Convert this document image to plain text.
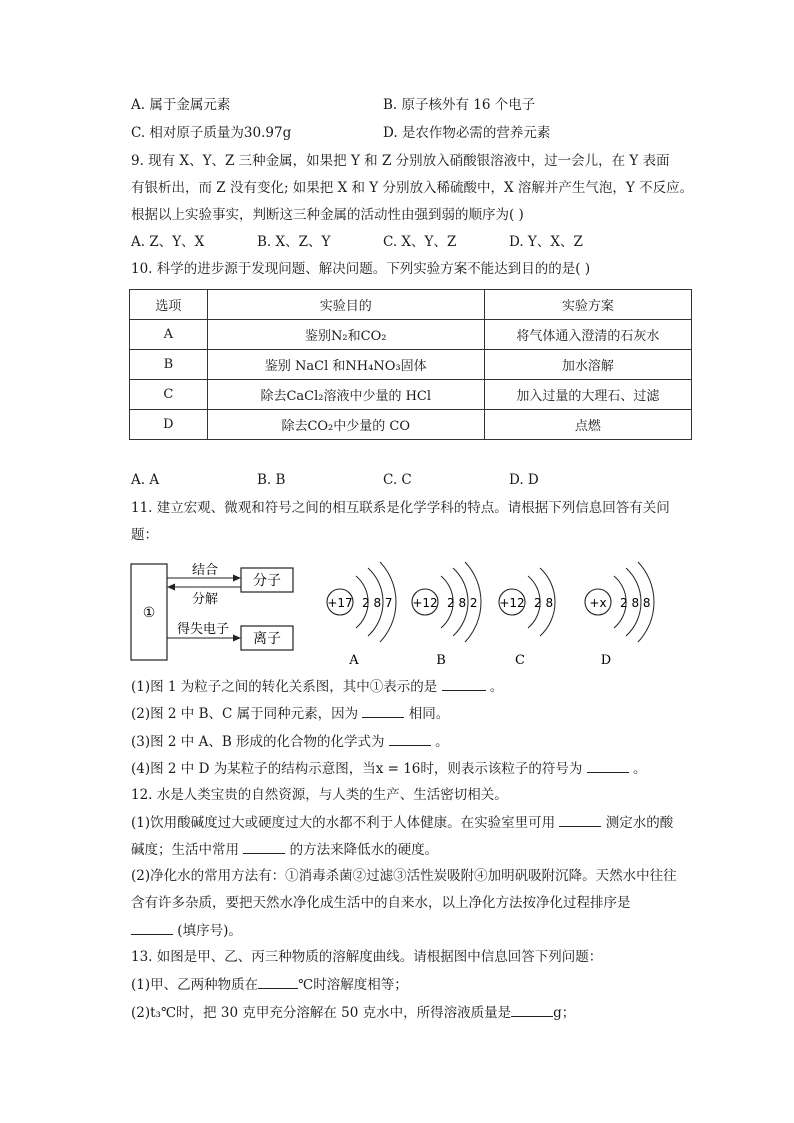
A. 属于金属元素	B. 原子核外有 16 个电子
C. 相对原子质量为30.97g	D. 是农作物必需的营养元素
9. 现有 X、Y、Z 三种金属，如果把 Y 和 Z 分别放入硝酸银溶液中，过一会儿，在 Y 表面
有银析出，而 Z 没有变化; 如果把 X 和 Y 分别放入稀硫酸中，X 溶解并产生气泡，Y 不反应。
根据以上实验事实，判断这三种金属的活动性由强到弱的顺序为( )
A. Z、Y、X	B. X、Z、Y	C. X、Y、Z	D. Y、X、Z
10. 科学的进步源于发现问题、解决问题。下列实验方案不能达到目的的是( )
选项	实验目的	实验方案
A	鉴别N₂和CO₂	将气体通入澄清的石灰水
B	鉴别 NaCl 和NH₄NO₃固体	加水溶解
C	除去CaCl₂溶液中少量的 HCl	加入过量的大理石、过滤
D	除去CO₂中少量的 CO	点燃
A. A	B. B	C. C	D. D
11. 建立宏观、微观和符号之间的相互联系是化学学科的特点。请根据下列信息回答有关问
题：
①
分子
离子
结合
分解
得失电子
+17 2 8 7
A
+12 2 8 2
B
+12 2 8
C
+x 2 8 8
D
(1)图 1 为粒子之间的转化关系图，其中①表示的是	。
(2)图 2 中 B、C 属于同种元素，因为	相同。
(3)图 2 中 A、B 形成的化合物的化学式为	。
(4)图 2 中 D 为某粒子的结构示意图，当x = 16时，则表示该粒子的符号为	。
12. 水是人类宝贵的自然资源，与人类的生产、生活密切相关。
(1)饮用酸碱度过大或硬度过大的水都不利于人体健康。在实验室里可用	测定水的酸
碱度；生活中常用	的方法来降低水的硬度。
(2)净化水的常用方法有：①消毒杀菌②过滤③活性炭吸附④加明矾吸附沉降。天然水中往往
含有许多杂质，要把天然水净化成生活中的自来水，以上净化方法按净化过程排序是
(填序号)。
13. 如图是甲、乙、丙三种物质的溶解度曲线。请根据图中信息回答下列问题：
(1)甲、乙两种物质在	℃时溶解度相等；
(2)t₃℃时，把 30 克甲充分溶解在 50 克水中，所得溶液质量是	g；
